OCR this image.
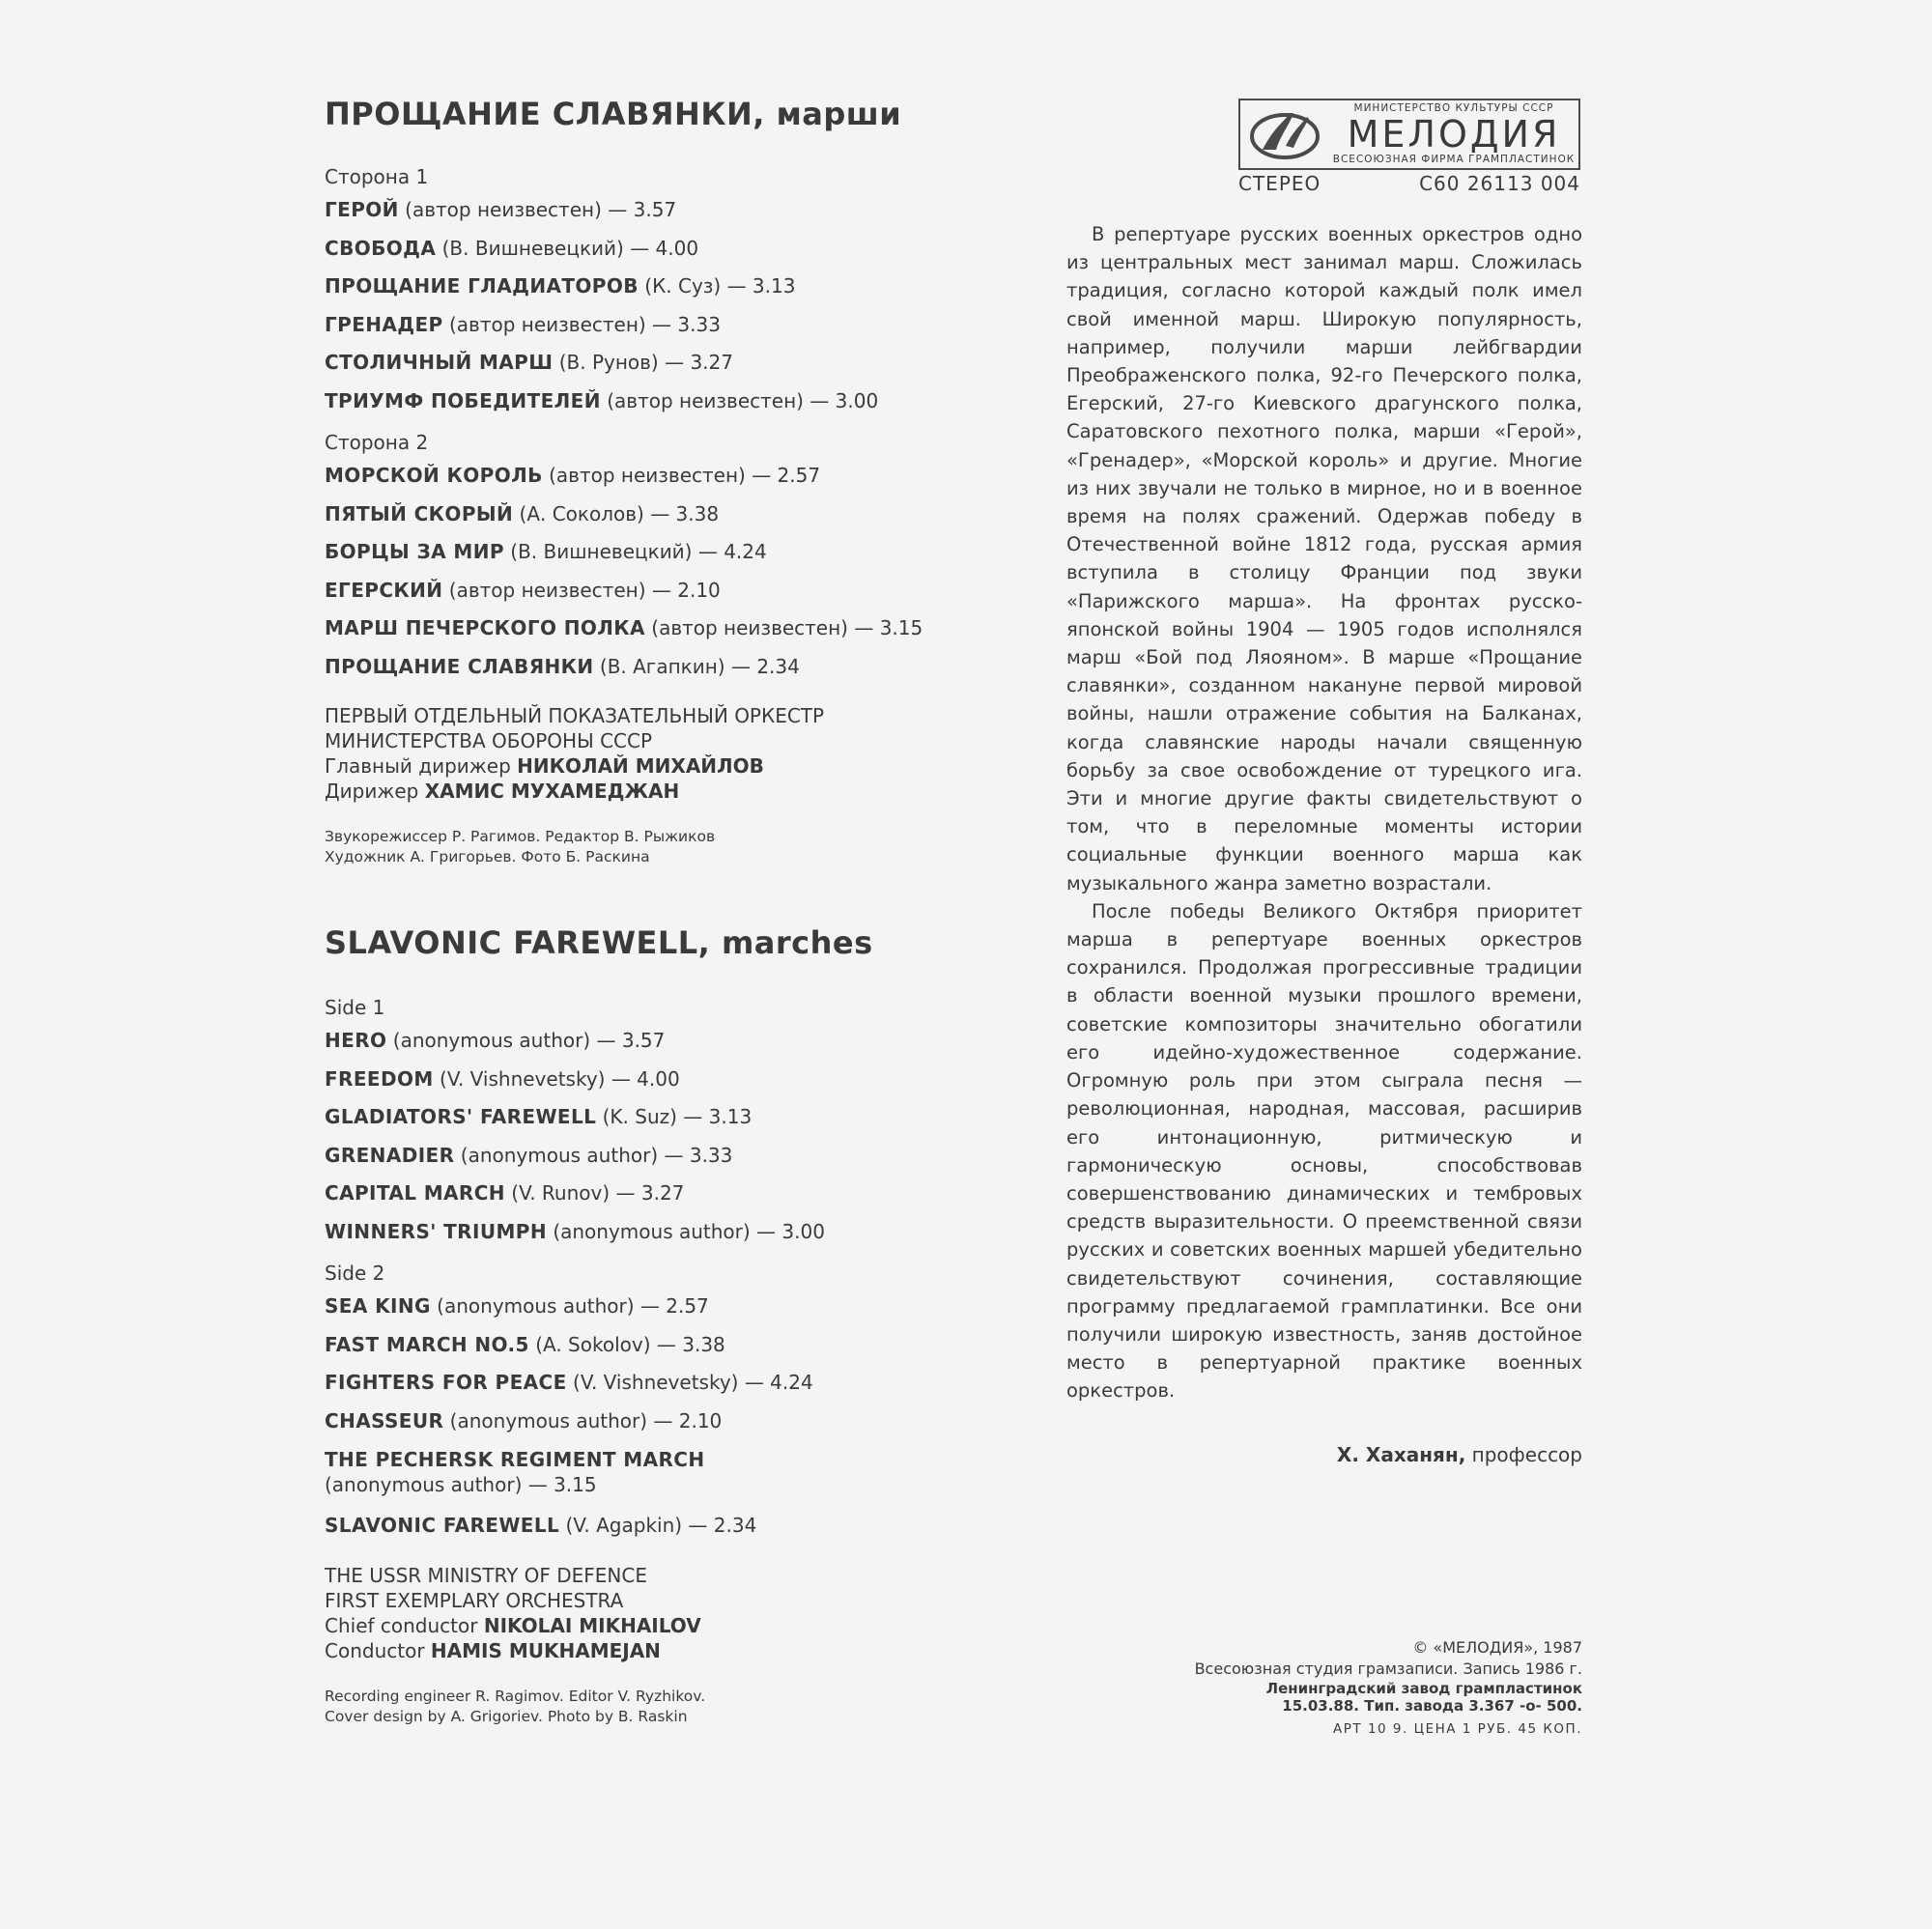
ПРОЩАНИЕ СЛАВЯНКИ, марши
Сторона 1
ГЕРОЙ (автор неизвестен) — 3.57
СВОБОДА (В. Вишневецкий) — 4.00
ПРОЩАНИЕ ГЛАДИАТОРОВ (К. Суз) — 3.13
ГРЕНАДЕР (автор неизвестен) — 3.33
СТОЛИЧНЫЙ МАРШ (В. Рунов) — 3.27
ТРИУМФ ПОБЕДИТЕЛЕЙ (автор неизвестен) — 3.00
Сторона 2
МОРСКОЙ КОРОЛЬ (автор неизвестен) — 2.57
ПЯТЫЙ СКОРЫЙ (А. Соколов) — 3.38
БОРЦЫ ЗА МИР (В. Вишневецкий) — 4.24
ЕГЕРСКИЙ (автор неизвестен) — 2.10
МАРШ ПЕЧЕРСКОГО ПОЛКА (автор неизвестен) — 3.15
ПРОЩАНИЕ СЛАВЯНКИ (В. Агапкин) — 2.34
ПЕРВЫЙ ОТДЕЛЬНЫЙ ПОКАЗАТЕЛЬНЫЙ ОРКЕСТР
МИНИСТЕРСТВА ОБОРОНЫ СССР
Главный дирижер НИКОЛАЙ МИХАЙЛОВ
Дирижер ХАМИС МУХАМЕДЖАН
Звукорежиссер Р. Рагимов. Редактор В. Рыжиков
Художник А. Григорьев. Фото Б. Раскина
SLAVONIC FAREWELL, marches
Side 1
HERO (anonymous author) — 3.57
FREEDOM (V. Vishnevetsky) — 4.00
GLADIATORS' FAREWELL (K. Suz) — 3.13
GRENADIER (anonymous author) — 3.33
CAPITAL MARCH (V. Runov) — 3.27
WINNERS' TRIUMPH (anonymous author) — 3.00
Side 2
SEA KING (anonymous author) — 2.57
FAST MARCH NO.5 (A. Sokolov) — 3.38
FIGHTERS FOR PEACE (V. Vishnevetsky) — 4.24
CHASSEUR (anonymous author) — 2.10
THE PECHERSK REGIMENT MARCH
(anonymous author) — 3.15
SLAVONIC FAREWELL (V. Agapkin) — 2.34
THE USSR MINISTRY OF DEFENCE
FIRST EXEMPLARY ORCHESTRA
Chief conductor NIKOLAI MIKHAILOV
Conductor HAMIS MUKHAMEJAN
Recording engineer R. Ragimov. Editor V. Ryzhikov.
Cover design by A. Grigoriev. Photo by B. Raskin
МИНИСТЕРСТВО КУЛЬТУРЫ СССР
МЕЛОДИЯ
ВСЕСОЮЗНАЯ ФИРМА ГРАМПЛАСТИНОК
СТЕРЕО	С60 26113 004

В репертуаре русских военных оркестров одно из центральных мест занимал марш. Сложилась традиция, согласно которой каждый полк имел свой именной марш. Широкую популярность, например, получили марши лейбгвардии Преображенского полка, 92-го Печерского полка, Егерский, 27-го Киевского драгунского полка, Саратовского пехотного полка, марши «Герой», «Гренадер», «Морской король» и другие. Многие из них звучали не только в мирное, но и в военное время на полях сражений. Одержав победу в Отечественной войне 1812 года, русская армия вступила в столицу Франции под звуки «Парижского марша». На фронтах русско-японской войны 1904 — 1905 годов исполнялся марш «Бой под Ляояном». В марше «Прощание славянки», созданном накануне первой мировой войны, нашли отражение события на Балканах, когда славянские народы начали священную борьбу за свое освобождение от турецкого ига. Эти и многие другие факты свидетельствуют о том, что в переломные моменты истории социальные функции военного марша как музыкального жанра заметно возрастали.

После победы Великого Октября приоритет марша в репертуаре военных оркестров сохранился. Продолжая прогрессивные традиции в области военной музыки прошлого времени, советские композиторы значительно обогатили его идейно-художественное содержание. Огромную роль при этом сыграла песня — революционная, народная, массовая, расширив его интонационную, ритмическую и гармоническую основы, способствовав совершенствованию динамических и тембровых средств выразительности. О преемственной связи русских и советских военных маршей убедительно свидетельствуют сочинения, составляющие программу предлагаемой грамплатинки. Все они получили широкую известность, заняв достойное место в репертуарной практике военных оркестров.

Х. Хаханян, профессор
© «МЕЛОДИЯ», 1987
Всесоюзная студия грамзаписи. Запись 1986 г.
Ленинградский завод грампластинок
15.03.88. Тип. завода 3.367 -о- 500.
АРТ 10 9. ЦЕНА 1 РУБ. 45 КОП.
